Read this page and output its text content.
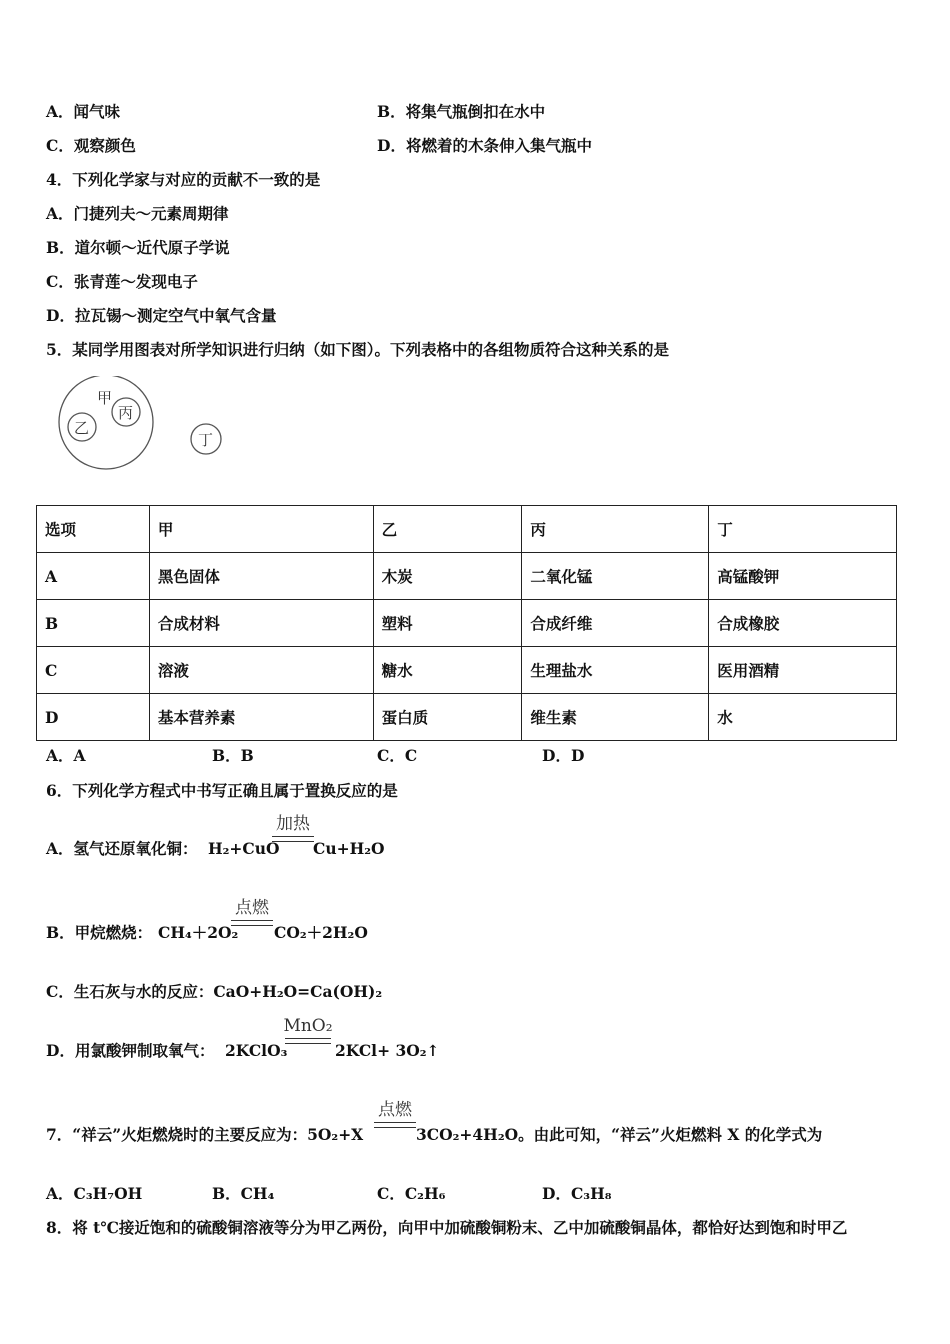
A．闻气味	B．将集气瓶倒扣在水中
C．观察颜色	D．将燃着的木条伸入集气瓶中
4．下列化学家与对应的贡献不一致的是
A．门捷列夫～元素周期律
B．道尔顿～近代原子学说
C．张青莲～发现电子
D．拉瓦锡～测定空气中氧气含量
5．某同学用图表对所学知识进行归纳（如下图）。下列表格中的各组物质符合这种关系的是
甲
乙
丙
丁
选项	甲	乙	丙	丁
A	黑色固体	木炭	二氧化锰	高锰酸钾
B	合成材料	塑料	合成纤维	合成橡胶
C	溶液	糖水	生理盐水	医用酒精
D	基本营养素	蛋白质	维生素	水
A．A	B．B	C．C	D．D
6．下列化学方程式中书写正确且属于置换反应的是
A．氢气还原氧化铜： H₂+CuO
加热
Cu+H₂O
B．甲烷燃烧： CH₄＋2O₂
点燃
CO₂＋2H₂O
C．生石灰与水的反应：CaO+H₂O=Ca(OH)₂
D．用氯酸钾制取氧气： 2KClO₃
MnO₂
2KCl+ 3O₂↑
7．“祥云”火炬燃烧时的主要反应为：5O₂+X
点燃
3CO₂+4H₂O。由此可知，“祥云”火炬燃料 X 的化学式为
A．C₃H₇OH	B．CH₄	C．C₂H₆	D．C₃H₈
8．将 t℃接近饱和的硫酸铜溶液等分为甲乙两份，向甲中加硫酸铜粉末、乙中加硫酸铜晶体，都恰好达到饱和时甲乙
